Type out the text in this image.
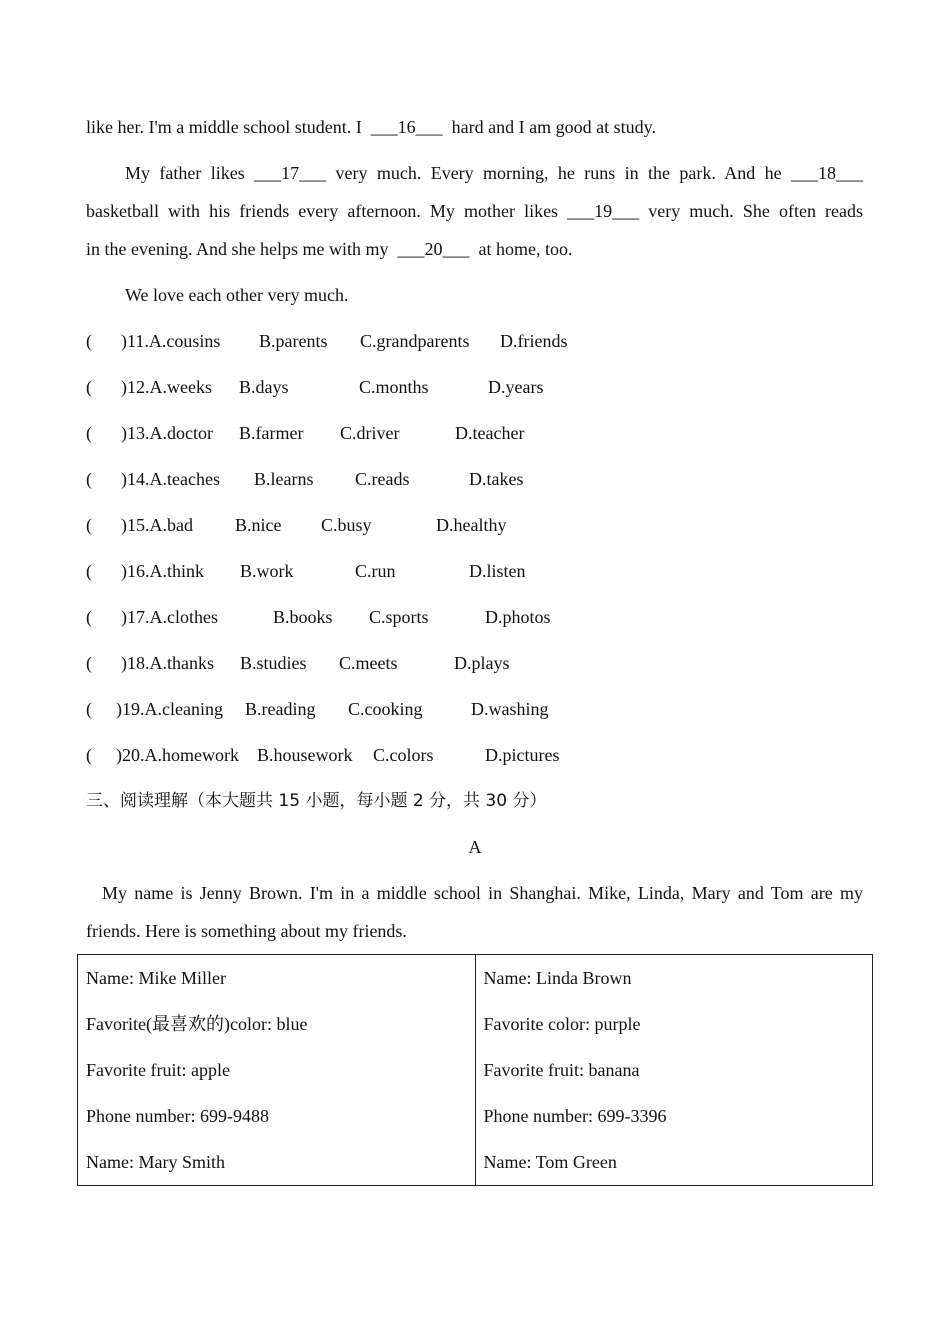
like her. I'm a middle school student. I  ___16___  hard and I am good at study.
My father likes ___17___ very much. Every morning, he runs in the park. And he ___18___
basketball with his friends every afternoon. My mother likes ___19___ very much. She often reads
in the evening. And she helps me with my  ___20___  at home, too.
We love each other very much.
( )11.A.cousins B.parents C.grandparents D.friends
( )12.A.weeks B.days	C.months	D.years
( )13.A.doctor B.farmer C.driver	D.teacher
( )14.A.teaches B.learns C.reads	D.takes
( )15.A.bad B.nice C.busy	D.healthy
( )16.A.think B.work	C.run	D.listen
( )17.A.clothes	B.books C.sports	D.photos
( )18.A.thanks B.studies C.meets	D.plays
( )19.A.cleaning B.reading C.cooking	D.washing
( )20.A.homework B.housework C.colors	D.pictures
三、阅读理解（本大题共 15 小题，每小题 2 分，共 30 分）
A
My name is Jenny Brown. I'm in a middle school in Shanghai. Mike, Linda, Mary and Tom are my
friends. Here is something about my friends.
Name: Mike Miller
Favorite(最喜欢的)color: blue
Favorite fruit: apple
Phone number: 699-9488
Name: Mary Smith

Name: Linda Brown
Favorite color: purple
Favorite fruit: banana
Phone number: 699-3396
Name: Tom Green
